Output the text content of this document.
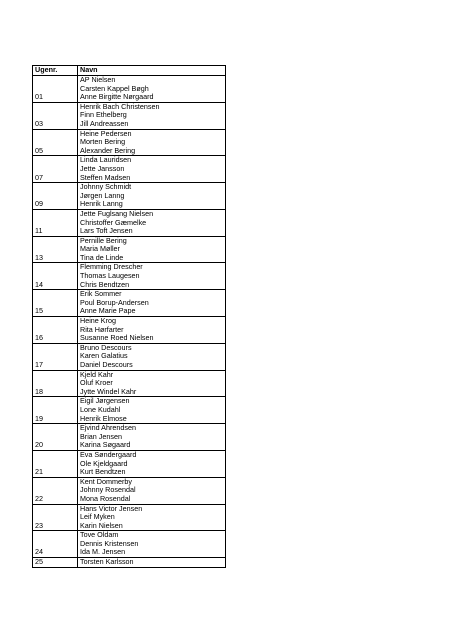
Ugenr.	Navn
01	AP Nielsen
Carsten Kappel Bøgh
Anne Birgitte Nørgaard

03	Henrik Bach Christensen
Finn Ethelberg
Jill Andreassen

05	Heine Pedersen
Morten Bering
Alexander Bering

07	Linda Lauridsen
Jette Jansson
Steffen Madsen

09	Johnny Schmidt
Jørgen Lanng
Henrik Lanng

11	Jette Fuglsang Nielsen
Christoffer Gæmelke
Lars Toft Jensen

13	Pernille Bering
Maria Møller
Tina de Linde

14	Flemming Drescher
Thomas Laugesen
Chris Bendtzen

15	Erik Sommer
Poul Borup-Andersen
Anne Marie Pape

16	Heine Krog
Rita Hørfarter
Susanne Roed Nielsen

17	Bruno Descours
Karen Galatius
Daniel Descours

18	Kjeld Kahr
Oluf Kroer
Jytte Windel Kahr

19	Eigil Jørgensen
Lone Kudahl
Henrik Elmose

20	Ejvind Ahrendsen
Brian Jensen
Karina Søgaard

21	Eva Søndergaard
Ole Kjeldgaard
Kurt Bendtzen

22	Kent Dommerby
Johnny Rosendal
Mona Rosendal

23	Hans Victor Jensen
Leif Myken
Karin Nielsen

24	Tove Oldam
Dennis Kristensen
Ida M. Jensen

25	Torsten Karlsson
